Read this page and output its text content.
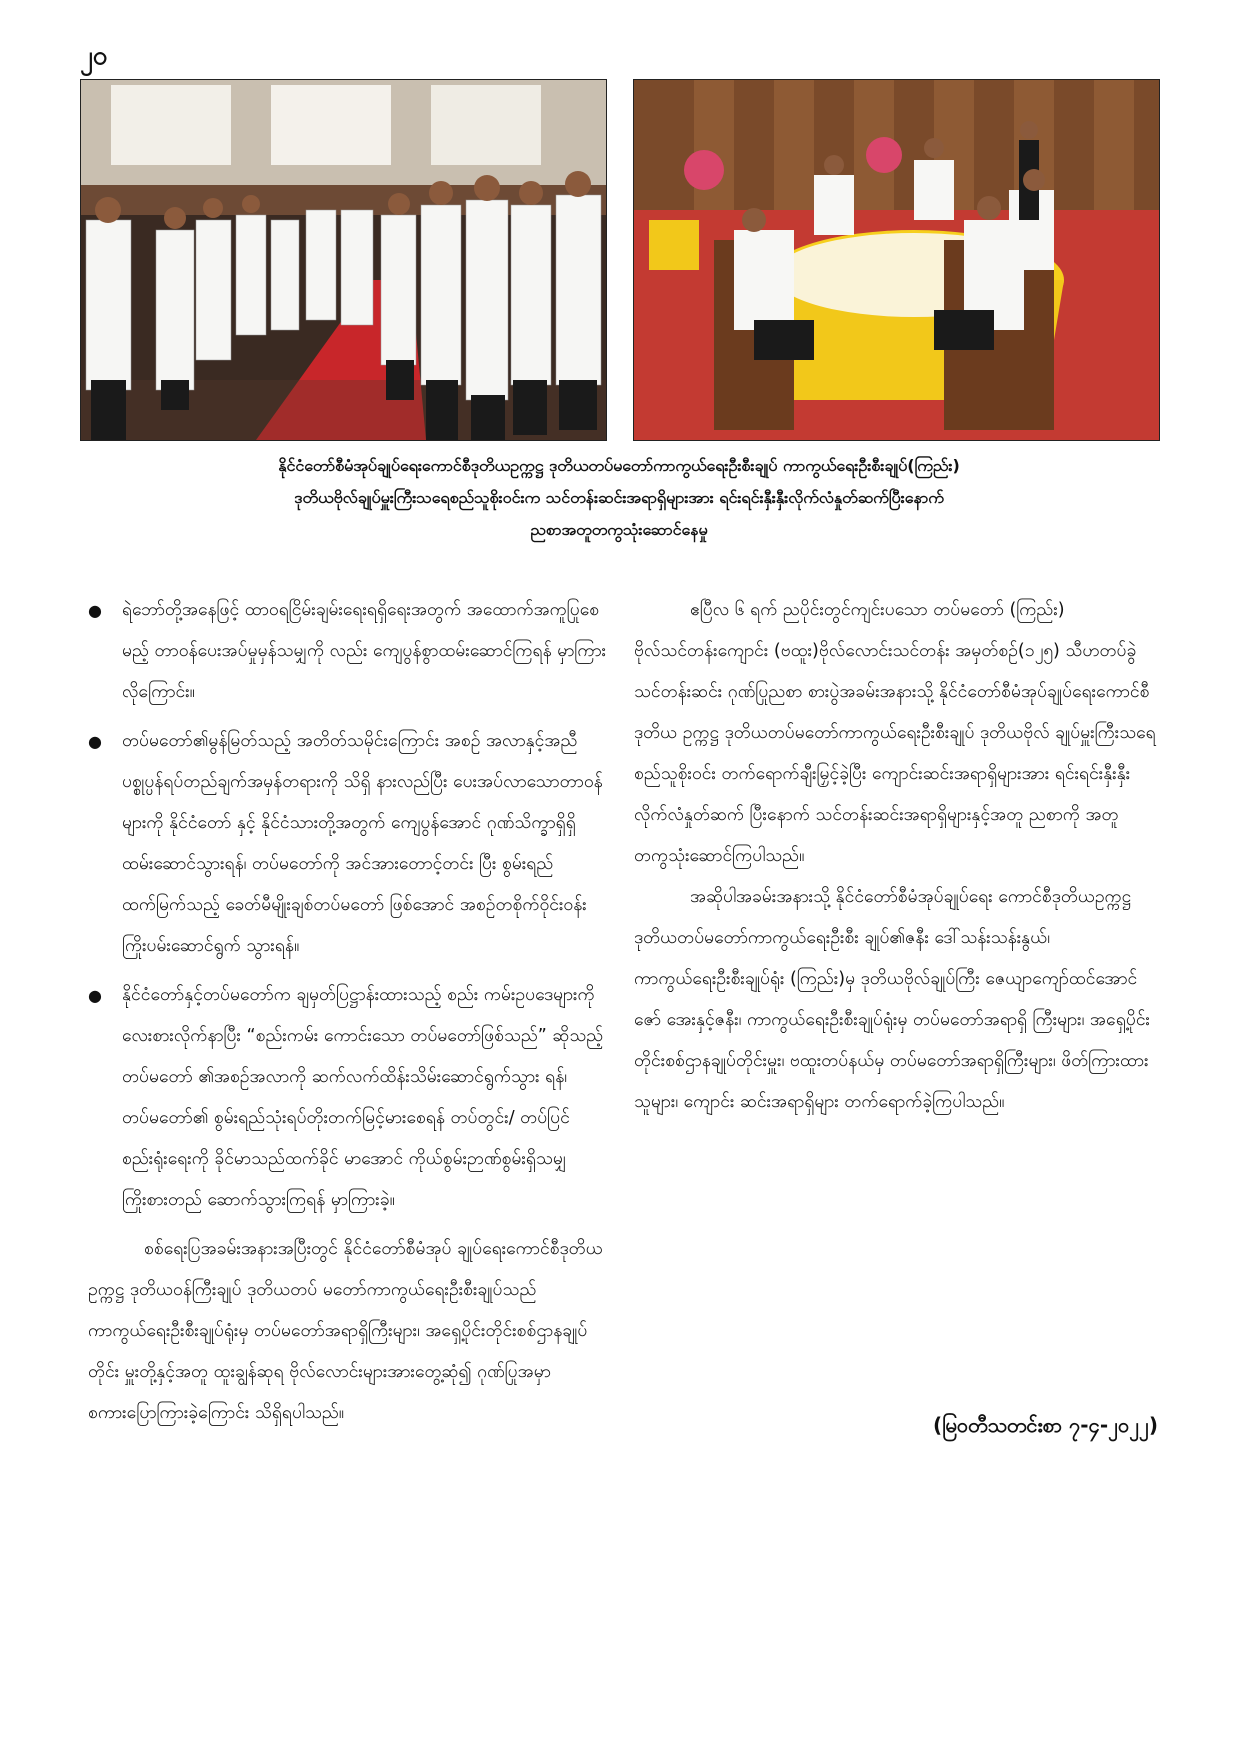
၂၀
နိုင်ငံတော်စီမံအုပ်ချုပ်ရေးကောင်စီဒုတိယဥက္ကဋ္ဌ ဒုတိယတပ်မတော်ကာကွယ်ရေးဦးစီးချုပ် ကာကွယ်ရေးဦးစီးချုပ်(ကြည်း)
ဒုတိယဗိုလ်ချုပ်မှူးကြီးသရေစည်သူစိုးဝင်းက သင်တန်းဆင်းအရာရှိများအား ရင်းရင်းနှီးနှီးလိုက်လံနှုတ်ဆက်ပြီးနောက်
ညစာအတူတကွသုံးဆောင်နေမှု
● ရဲဘော်တို့အနေဖြင့် ထာဝရငြိမ်းချမ်းရေးရရှိရေးအတွက် အထောက်အကူပြုစေမည့် တာဝန်ပေးအပ်မှုမှန်သမျှကို လည်း ကျေပွန်စွာထမ်းဆောင်ကြရန် မှာကြားလိုကြောင်း။
● တပ်မတော်၏မွန်မြတ်သည့် အတိတ်သမိုင်းကြောင်း အစဉ် အလာနှင့်အညီ ပစ္စုပ္ပန်ရပ်တည်ချက်အမှန်တရားကို သိရှိ နားလည်ပြီး ပေးအပ်လာသောတာဝန်များကို နိုင်ငံတော် နှင့် နိုင်ငံသားတို့အတွက် ကျေပွန်အောင် ဂုဏ်သိက္ခာရှိရှိ ထမ်းဆောင်သွားရန်၊ တပ်မတော်ကို အင်အားတောင့်တင်း ပြီး စွမ်းရည်ထက်မြက်သည့် ခေတ်မီမျိုးချစ်တပ်မတော် ဖြစ်အောင် အစဉ်တစိုက်ဝိုင်းဝန်းကြိုးပမ်းဆောင်ရွက် သွားရန်။
● နိုင်ငံတော်နှင့်တပ်မတော်က ချမှတ်ပြဋ္ဌာန်းထားသည့် စည်း ကမ်းဥပဒေများကို လေးစားလိုက်နာပြီး “စည်းကမ်း ကောင်းသော တပ်မတော်ဖြစ်သည်” ဆိုသည့် တပ်မတော် ၏အစဉ်အလာကို ဆက်လက်ထိန်းသိမ်းဆောင်ရွက်သွား ရန်၊ တပ်မတော်၏ စွမ်းရည်သုံးရပ်တိုးတက်မြင့်မားစေရန် တပ်တွင်း/ တပ်ပြင်စည်းရုံးရေးကို ခိုင်မာသည်ထက်ခိုင် မာအောင် ကိုယ်စွမ်းဉာဏ်စွမ်းရှိသမျှ ကြိုးစားတည် ဆောက်သွားကြရန် မှာကြားခဲ့။

စစ်ရေးပြအခမ်းအနားအပြီးတွင် နိုင်ငံတော်စီမံအုပ် ချုပ်ရေးကောင်စီဒုတိယဥက္ကဋ္ဌ ဒုတိယဝန်ကြီးချုပ် ဒုတိယတပ် မတော်ကာကွယ်ရေးဦးစီးချုပ်သည် ကာကွယ်ရေးဦးစီးချုပ်ရုံးမှ တပ်မတော်အရာရှိကြီးများ၊ အရှေ့ပိုင်းတိုင်းစစ်ဌာနချုပ်တိုင်း မှူးတို့နှင့်အတူ ထူးချွန်ဆုရ ဗိုလ်လောင်းများအားတွေ့ဆုံ၍ ဂုဏ်ပြုအမှာစကားပြောကြားခဲ့ကြောင်း သိရှိရပါသည်။

ဧပြီလ ၆ ရက် ညပိုင်းတွင်ကျင်းပသော တပ်မတော် (ကြည်း) ဗိုလ်သင်တန်းကျောင်း (ဗထူး)ဗိုလ်လောင်းသင်တန်း အမှတ်စဉ်(၁၂၅) သီဟတပ်ခွဲ သင်တန်းဆင်း ဂုဏ်ပြုညစာ စားပွဲအခမ်းအနားသို့ နိုင်ငံတော်စီမံအုပ်ချုပ်ရေးကောင်စီဒုတိယ ဥက္ကဋ္ဌ ဒုတိယတပ်မတော်ကာကွယ်ရေးဦးစီးချုပ် ဒုတိယဗိုလ် ချုပ်မှူးကြီးသရေစည်သူစိုးဝင်း တက်ရောက်ချီးမြှင့်ခဲ့ပြီး ကျောင်းဆင်းအရာရှိများအား ရင်းရင်းနှီးနှီးလိုက်လံနှုတ်ဆက် ပြီးနောက် သင်တန်းဆင်းအရာရှိများနှင့်အတူ ညစာကို အတူ တကွသုံးဆောင်ကြပါသည်။

အဆိုပါအခမ်းအနားသို့ နိုင်ငံတော်စီမံအုပ်ချုပ်ရေး ကောင်စီဒုတိယဥက္ကဋ္ဌ ဒုတိယတပ်မတော်ကာကွယ်ရေးဦးစီး ချုပ်၏ဇနီး ဒေါ်သန်းသန်းနွယ်၊ ကာကွယ်ရေးဦးစီးချုပ်ရုံး (ကြည်း)မှ ဒုတိယဗိုလ်ချုပ်ကြီး ဇေယျာကျော်ထင်အောင်ဇော် အေးနှင့်ဇနီး၊ ကာကွယ်ရေးဦးစီးချုပ်ရုံးမှ တပ်မတော်အရာရှိ ကြီးများ၊ အရှေ့ပိုင်းတိုင်းစစ်ဌာနချုပ်တိုင်းမှူး၊ ဗထူးတပ်နယ်မှ တပ်မတော်အရာရှိကြီးများ၊ ဖိတ်ကြားထားသူများ၊ ကျောင်း ဆင်းအရာရှိများ တက်ရောက်ခဲ့ကြပါသည်။

(မြဝတီသတင်းစာ ၇-၄-၂၀၂၂)
